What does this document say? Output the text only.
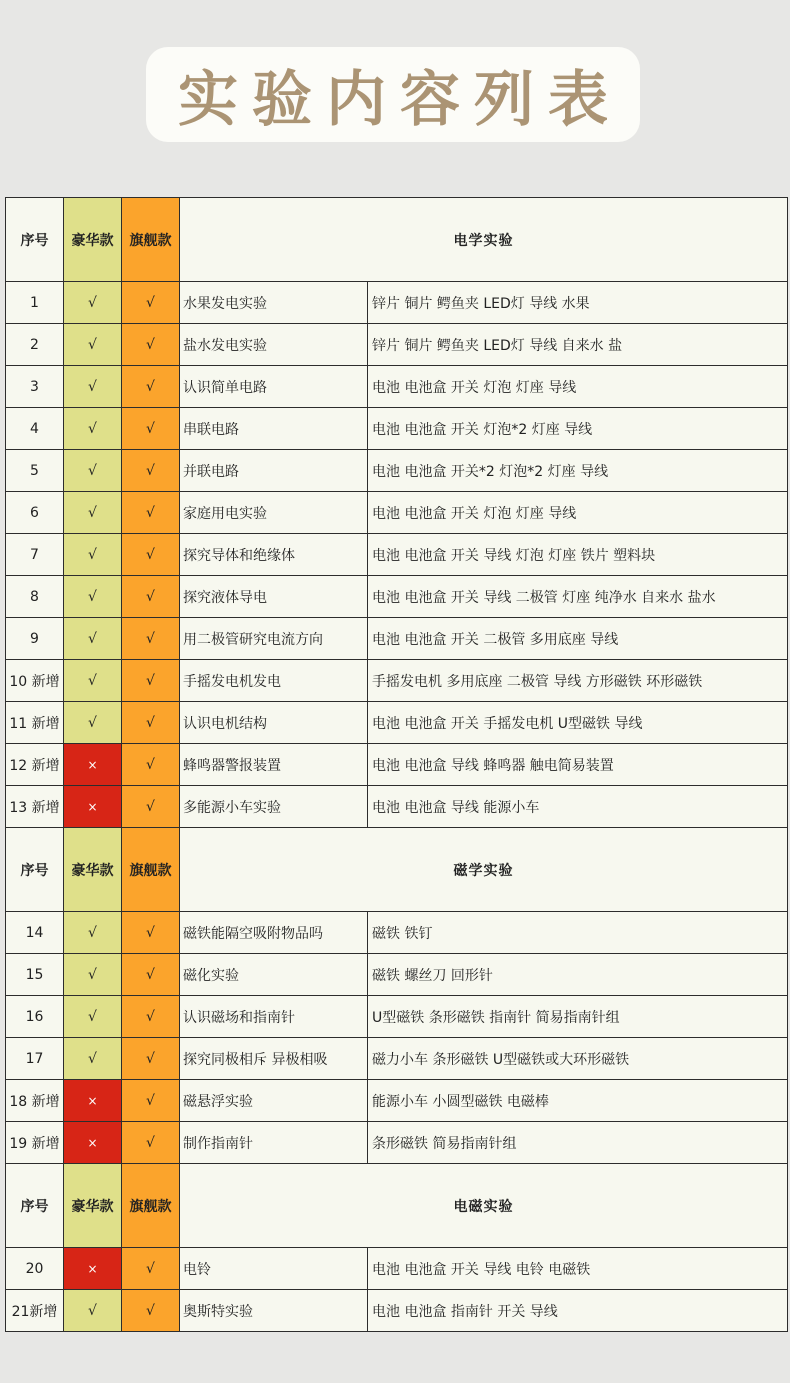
实验内容列表
序号	豪华款	旗舰款	电学实验	
1	√	√	水果发电实验	锌片 铜片 鳄鱼夹 LED灯 导线 水果
2	√	√	盐水发电实验	锌片 铜片 鳄鱼夹 LED灯 导线 自来水 盐
3	√	√	认识简单电路	电池 电池盒 开关 灯泡 灯座 导线
4	√	√	串联电路	电池 电池盒 开关 灯泡*2 灯座 导线
5	√	√	并联电路	电池 电池盒 开关*2 灯泡*2 灯座 导线
6	√	√	家庭用电实验	电池 电池盒 开关 灯泡 灯座 导线
7	√	√	探究导体和绝缘体	电池 电池盒 开关 导线 灯泡 灯座 铁片 塑料块
8	√	√	探究液体导电	电池 电池盒 开关 导线 二极管 灯座 纯净水 自来水 盐水
9	√	√	用二极管研究电流方向	电池 电池盒 开关 二极管 多用底座 导线
10 新增	√	√	手摇发电机发电	手摇发电机 多用底座 二极管 导线 方形磁铁 环形磁铁
11 新增	√	√	认识电机结构	电池 电池盒 开关 手摇发电机 U型磁铁 导线
12 新增	×	√	蜂鸣器警报装置	电池 电池盒 导线 蜂鸣器 触电简易装置
13 新增	×	√	多能源小车实验	电池 电池盒 导线 能源小车
序号	豪华款	旗舰款	磁学实验	
14	√	√	磁铁能隔空吸附物品吗	磁铁 铁钉
15	√	√	磁化实验	磁铁 螺丝刀 回形针
16	√	√	认识磁场和指南针	U型磁铁 条形磁铁 指南针 简易指南针组
17	√	√	探究同极相斥 异极相吸	磁力小车 条形磁铁 U型磁铁或大环形磁铁
18 新增	×	√	磁悬浮实验	能源小车 小圆型磁铁 电磁棒
19 新增	×	√	制作指南针	条形磁铁 简易指南针组
序号	豪华款	旗舰款	电磁实验	
20	×	√	电铃	电池 电池盒 开关 导线 电铃 电磁铁
21新增	√	√	奥斯特实验	电池 电池盒 指南针 开关 导线
